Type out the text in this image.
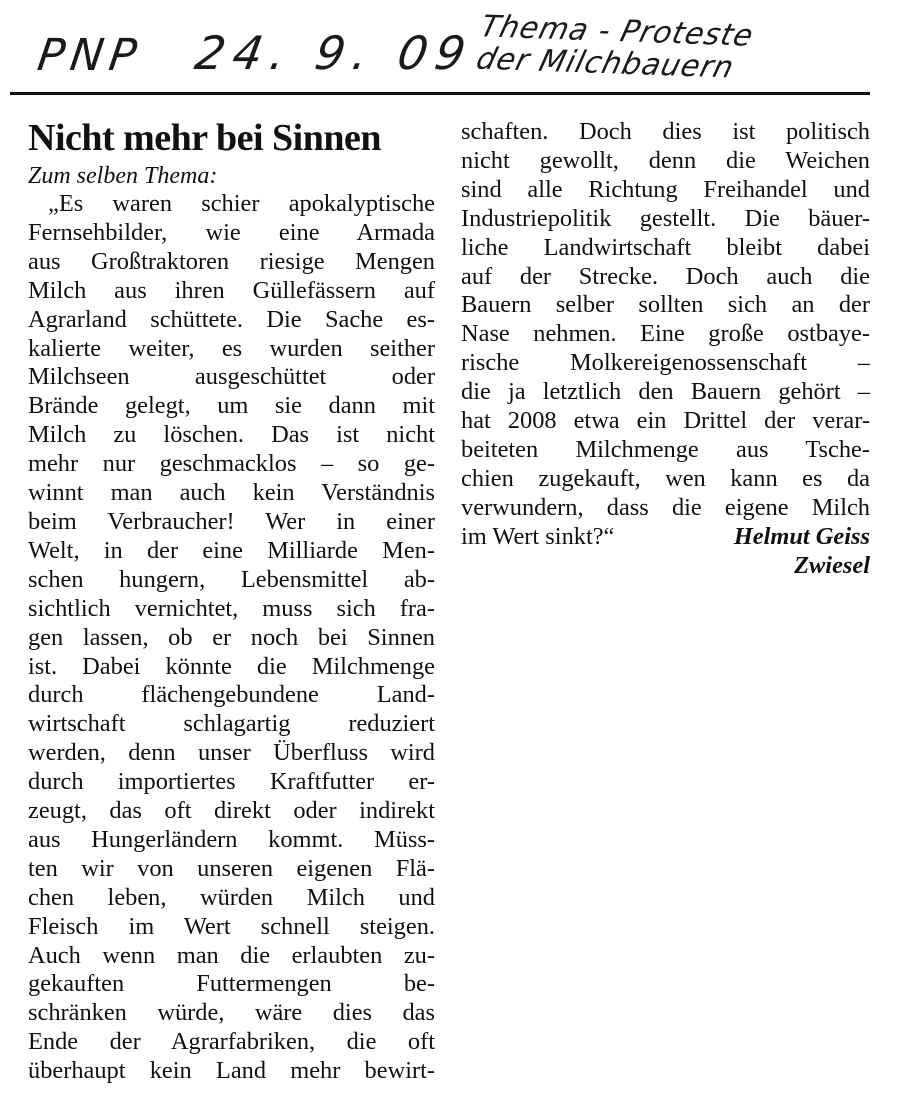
PNP 24. 9. 09 Thema - Proteste
der Milchbauern
Nicht mehr bei Sinnen
Zum selben Thema:
„Es waren schier apokalyptische
Fernsehbilder, wie eine Armada
aus Großtraktoren riesige Mengen
Milch aus ihren Güllefässern auf
Agrarland schüttete. Die Sache es-
kalierte weiter, es wurden seither
Milchseen ausgeschüttet oder
Brände gelegt, um sie dann mit
Milch zu löschen. Das ist nicht
mehr nur geschmacklos – so ge-
winnt man auch kein Verständnis
beim Verbraucher! Wer in einer
Welt, in der eine Milliarde Men-
schen hungern, Lebensmittel ab-
sichtlich vernichtet, muss sich fra-
gen lassen, ob er noch bei Sinnen
ist. Dabei könnte die Milchmenge
durch flächengebundene Land-
wirtschaft schlagartig reduziert
werden, denn unser Überfluss wird
durch importiertes Kraftfutter er-
zeugt, das oft direkt oder indirekt
aus Hungerländern kommt. Müss-
ten wir von unseren eigenen Flä-
chen leben, würden Milch und
Fleisch im Wert schnell steigen.
Auch wenn man die erlaubten zu-
gekauften Futtermengen be-
schränken würde, wäre dies das
Ende der Agrarfabriken, die oft
überhaupt kein Land mehr bewirt-
schaften. Doch dies ist politisch
nicht gewollt, denn die Weichen
sind alle Richtung Freihandel und
Industriepolitik gestellt. Die bäuer-
liche Landwirtschaft bleibt dabei
auf der Strecke. Doch auch die
Bauern selber sollten sich an der
Nase nehmen. Eine große ostbaye-
rische Molkereigenossenschaft –
die ja letztlich den Bauern gehört –
hat 2008 etwa ein Drittel der verar-
beiteten Milchmenge aus Tsche-
chien zugekauft, wen kann es da
verwundern, dass die eigene Milch
im Wert sinkt?“	Helmut Geiss
Zwiesel
